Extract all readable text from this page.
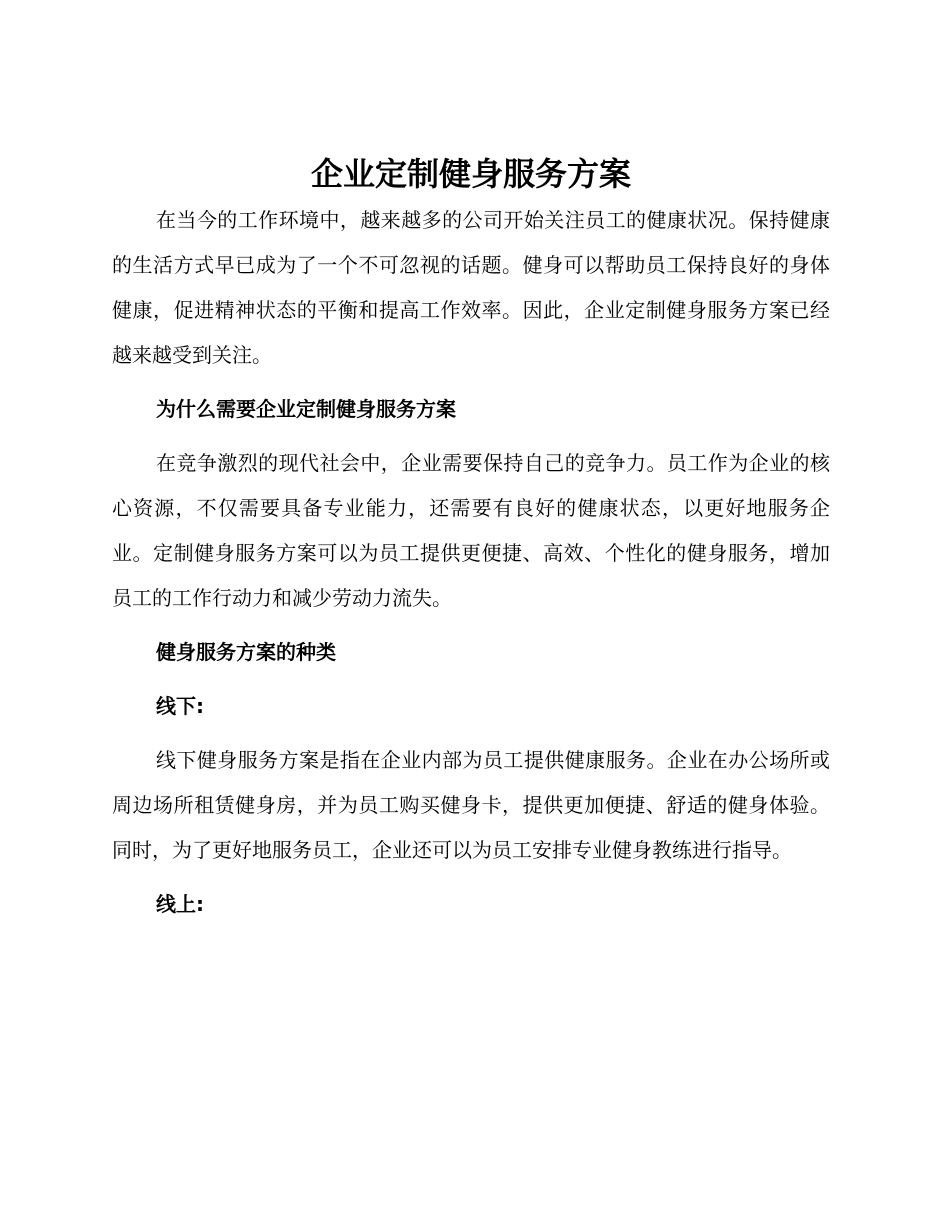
企业定制健身服务方案

在当今的工作环境中，越来越多的公司开始关注员工的健康状况。保持健康的生活方式早已成为了一个不可忽视的话题。健身可以帮助员工保持良好的身体健康，促进精神状态的平衡和提高工作效率。因此，企业定制健身服务方案已经越来越受到关注。

为什么需要企业定制健身服务方案

在竞争激烈的现代社会中，企业需要保持自己的竞争力。员工作为企业的核心资源，不仅需要具备专业能力，还需要有良好的健康状态，以更好地服务企业。定制健身服务方案可以为员工提供更便捷、高效、个性化的健身服务，增加员工的工作行动力和减少劳动力流失。

健身服务方案的种类

线下:

线下健身服务方案是指在企业内部为员工提供健康服务。企业在办公场所或周边场所租赁健身房，并为员工购买健身卡，提供更加便捷、舒适的健身体验。同时，为了更好地服务员工，企业还可以为员工安排专业健身教练进行指导。

线上:
